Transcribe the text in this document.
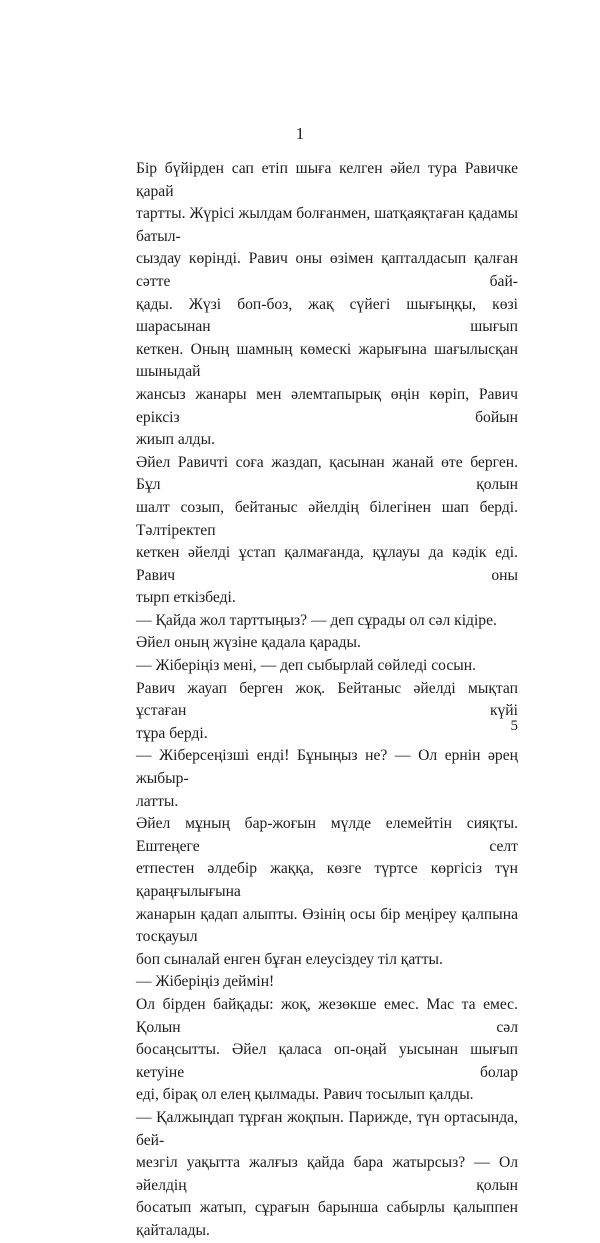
1
Бір бүйірден сап етіп шыға келген әйел тура Равичке қарай
тартты. Жүрісі жылдам болғанмен, шатқаяқтаған қадамы батыл-
сыздау көрінді. Равич оны өзімен қапталдасып қалған сәтте бай-
қады. Жүзі боп-боз, жақ сүйегі шығыңқы, көзі шарасынан шығып
кеткен. Оның шамның көмескі жарығына шағылысқан шыныдай
жансыз жанары мен әлемтапырық өңін көріп, Равич еріксіз бойын
жиып алды.
Әйел Равичті соға жаздап, қасынан жанай өте берген. Бұл қолын
шалт созып, бейтаныс әйелдің білегінен шап берді. Тәлтіректеп
кеткен әйелді ұстап қалмағанда, құлауы да кәдік еді. Равич оны
тырп еткізбеді.
— Қайда жол тарттыңыз? — деп сұрады ол сәл кідіре.
Әйел оның жүзіне қадала қарады.
— Жіберіңіз мені, — деп сыбырлай сөйледі сосын.
Равич жауап берген жоқ. Бейтаныс әйелді мықтап ұстаған күйі
тұра берді.
— Жіберсеңізші енді! Бұныңыз не? — Ол ернін әрең жыбыр-
латты.
Әйел мұның бар-жоғын мүлде елемейтін сияқты. Ештеңеге селт
етпестен әлдебір жаққа, көзге түртсе көргісіз түн қараңғылығына
жанарын қадап алыпты. Өзінің осы бір меңіреу қалпына тосқауыл
боп сыналай енген бұған елеусіздеу тіл қатты.
— Жіберіңіз деймін!
Ол бірден байқады: жоқ, жезөкше емес. Мас та емес. Қолын сәл
босаңсытты. Әйел қаласа оп-оңай уысынан шығып кетуіне болар
еді, бірақ ол елең қылмады. Равич тосылып қалды.
— Қалжыңдап тұрған жоқпын. Парижде, түн ортасында, бей-
мезгіл уақытта жалғыз қайда бара жатырсыз? — Ол әйелдің қолын
босатып жатып, сұрағын барынша сабырлы қалыппен қайталады.
5
